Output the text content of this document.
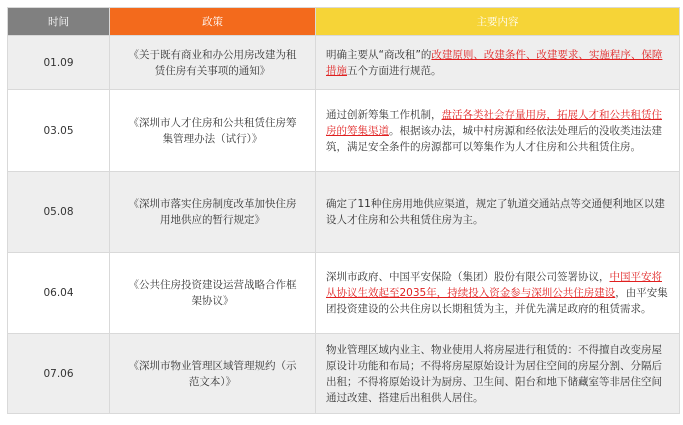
时间	政策	主要内容
01.09	《关于既有商业和办公用房改建为租赁住房有关事项的通知》	明确主要从“商改租”的改建原则、改建条件、改建要求、实施程序、保障措施五个方面进行规范。
03.05	《深圳市人才住房和公共租赁住房筹集管理办法（试行）》	通过创新筹集工作机制，盘活各类社会存量用房，拓展人才和公共租赁住房的筹集渠道。根据该办法，城中村房源和经依法处理后的没收类违法建筑，满足安全条件的房源都可以筹集作为人才住房和公共租赁住房。
05.08	《深圳市落实住房制度改革加快住房用地供应的暂行规定》	确定了11种住房用地供应渠道，规定了轨道交通站点等交通便利地区以建设人才住房和公共租赁住房为主。
06.04	《公共住房投资建设运营战略合作框架协议》	深圳市政府、中国平安保险（集团）股份有限公司签署协议，中国平安将从协议生效起至2035年，持续投入资金参与深圳公共住房建设，由平安集团投资建设的公共住房以长期租赁为主，并优先满足政府的租赁需求。
07.06	《深圳市物业管理区域管理规约（示范文本）》	物业管理区域内业主、物业使用人将房屋进行租赁的：不得擅自改变房屋原设计功能和布局；不得将房屋原始设计为居住空间的房屋分割、分隔后出租；不得将原始设计为厨房、卫生间、阳台和地下储藏室等非居住空间通过改建、搭建后出租供人居住。
